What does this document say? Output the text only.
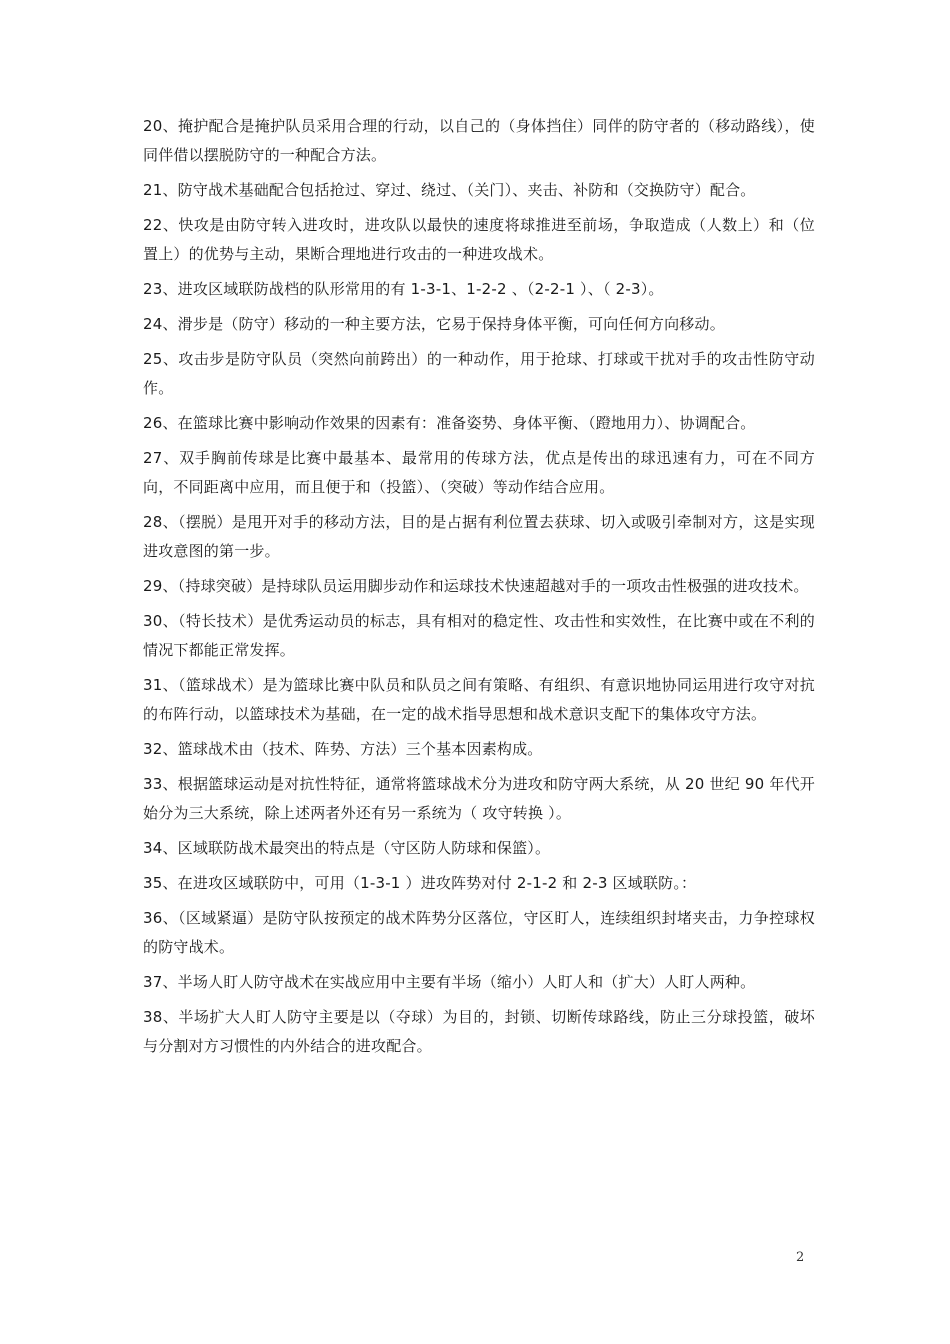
20、掩护配合是掩护队员采用合理的行动，以自己的（身体挡住）同伴的防守者的（移动路线），使同伴借以摆脱防守的一种配合方法。

21、防守战术基础配合包括抢过、穿过、绕过、（关门）、夹击、补防和（交换防守）配合。

22、快攻是由防守转入进攻时，进攻队以最快的速度将球推进至前场，争取造成（人数上）和（位置上）的优势与主动，果断合理地进行攻击的一种进攻战术。

23、进攻区域联防战档的队形常用的有 1-3-1、1-2-2 、（2-2-1 ）、（ 2-3）。

24、滑步是（防守）移动的一种主要方法，它易于保持身体平衡，可向任何方向移动。

25、攻击步是防守队员（突然向前跨出）的一种动作，用于抢球、打球或干扰对手的攻击性防守动作。

26、在篮球比赛中影响动作效果的因素有：准备姿势、身体平衡、（蹬地用力）、协调配合。

27、双手胸前传球是比赛中最基本、最常用的传球方法，优点是传出的球迅速有力，可在不同方向，不同距离中应用，而且便于和（投篮）、（突破）等动作结合应用。

28、（摆脱）是甩开对手的移动方法，目的是占据有利位置去获球、切入或吸引牵制对方，这是实现进攻意图的第一步。

29、（持球突破）是持球队员运用脚步动作和运球技术快速超越对手的一项攻击性极强的进攻技术。

30、（特长技术）是优秀运动员的标志，具有相对的稳定性、攻击性和实效性，在比赛中或在不利的情况下都能正常发挥。

31、（篮球战术）是为篮球比赛中队员和队员之间有策略、有组织、有意识地协同运用进行攻守对抗的布阵行动，以篮球技术为基础，在一定的战术指导思想和战术意识支配下的集体攻守方法。

32、篮球战术由（技术、阵势、方法）三个基本因素构成。

33、根据篮球运动是对抗性特征，通常将篮球战术分为进攻和防守两大系统，从 20 世纪 90 年代开始分为三大系统，除上述两者外还有另一系统为（ 攻守转换 ）。

34、区域联防战术最突出的特点是（守区防人防球和保篮）。

35、在进攻区域联防中，可用（1-3-1 ）进攻阵势对付 2-1-2 和 2-3 区域联防。：

36、（区域紧逼）是防守队按预定的战术阵势分区落位，守区盯人，连续组织封堵夹击，力争控球权的防守战术。

37、半场人盯人防守战术在实战应用中主要有半场（缩小）人盯人和（扩大）人盯人两种。

38、半场扩大人盯人防守主要是以（夺球）为目的，封锁、切断传球路线，防止三分球投篮，破坏与分割对方习惯性的内外结合的进攻配合。

2
